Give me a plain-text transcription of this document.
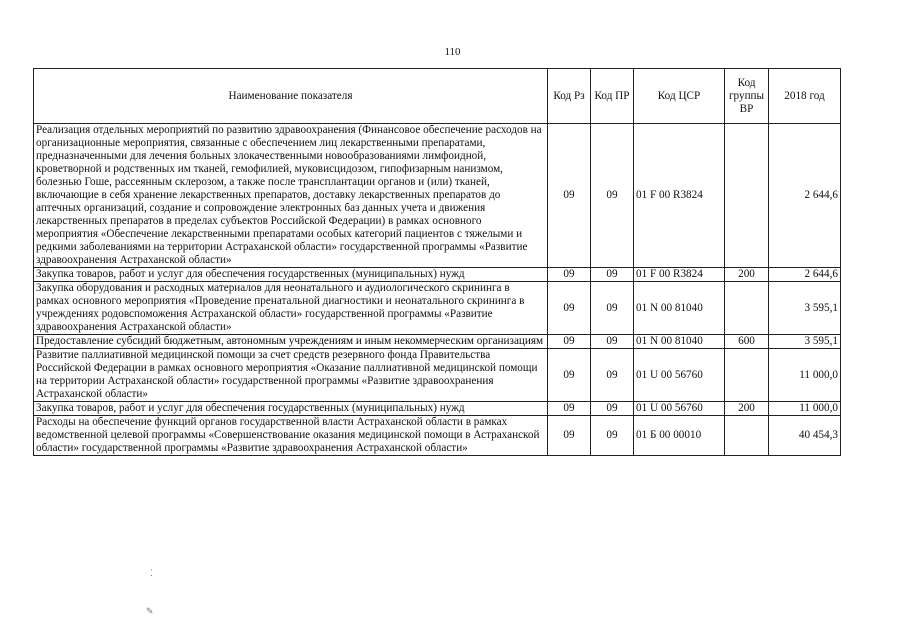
110
Наименование показателя	Код Рз	Код ПР	Код ЦСР	Код группы ВР	2018 год
Реализация отдельных мероприятий по развитию здравоохранения (Финансовое обеспечение расходов на организационные мероприятия, связанные с обеспечением лиц лекарственными препаратами, предназначенными для лечения больных злокачественными новообразованиями лимфоидной, кроветворной и родственных им тканей, гемофилией, муковисцидозом, гипофизарным нанизмом, болезнью Гоше, рассеянным склерозом, а также после трансплантации органов и (или) тканей, включающие в себя хранение лекарственных препаратов, доставку лекарственных препаратов до аптечных организаций, создание и сопровождение электронных баз данных учета и движения лекарственных препаратов в пределах субъектов Российской Федерации) в рамках основного мероприятия «Обеспечение лекарственными препаратами особых категорий пациентов с тяжелыми и редкими заболеваниями на территории Астраханской области» государственной программы «Развитие здравоохранения Астраханской области»	09	09	01 F 00 R3824		2 644,6
Закупка товаров, работ и услуг для обеспечения государственных (муниципальных) нужд	09	09	01 F 00 R3824	200	2 644,6
Закупка оборудования и расходных материалов для неонатального и аудиологического скрининга в рамках основного мероприятия «Проведение пренатальной диагностики и неонатального скрининга в учреждениях родовспоможения Астраханской области» государственной программы «Развитие здравоохранения Астраханской области»	09	09	01 N 00 81040		3 595,1
Предоставление субсидий бюджетным, автономным учреждениям и иным некоммерческим организациям	09	09	01 N 00 81040	600	3 595,1
Развитие паллиативной медицинской помощи за счет средств резервного фонда Правительства Российской Федерации в рамках основного мероприятия «Оказание паллиативной медицинской помощи на территории Астраханской области» государственной программы «Развитие здравоохранения Астраханской области»	09	09	01 U 00 56760		11 000,0
Закупка товаров, работ и услуг для обеспечения государственных (муниципальных) нужд	09	09	01 U 00 56760	200	11 000,0
Расходы на обеспечение функций органов государственной власти Астраханской области в рамках ведомственной целевой программы «Совершенствование оказания медицинской помощи в Астраханской области» государственной программы «Развитие здравоохранения Астраханской области»	09	09	01 Б 00 00010		40 454,3
⁚
✎
